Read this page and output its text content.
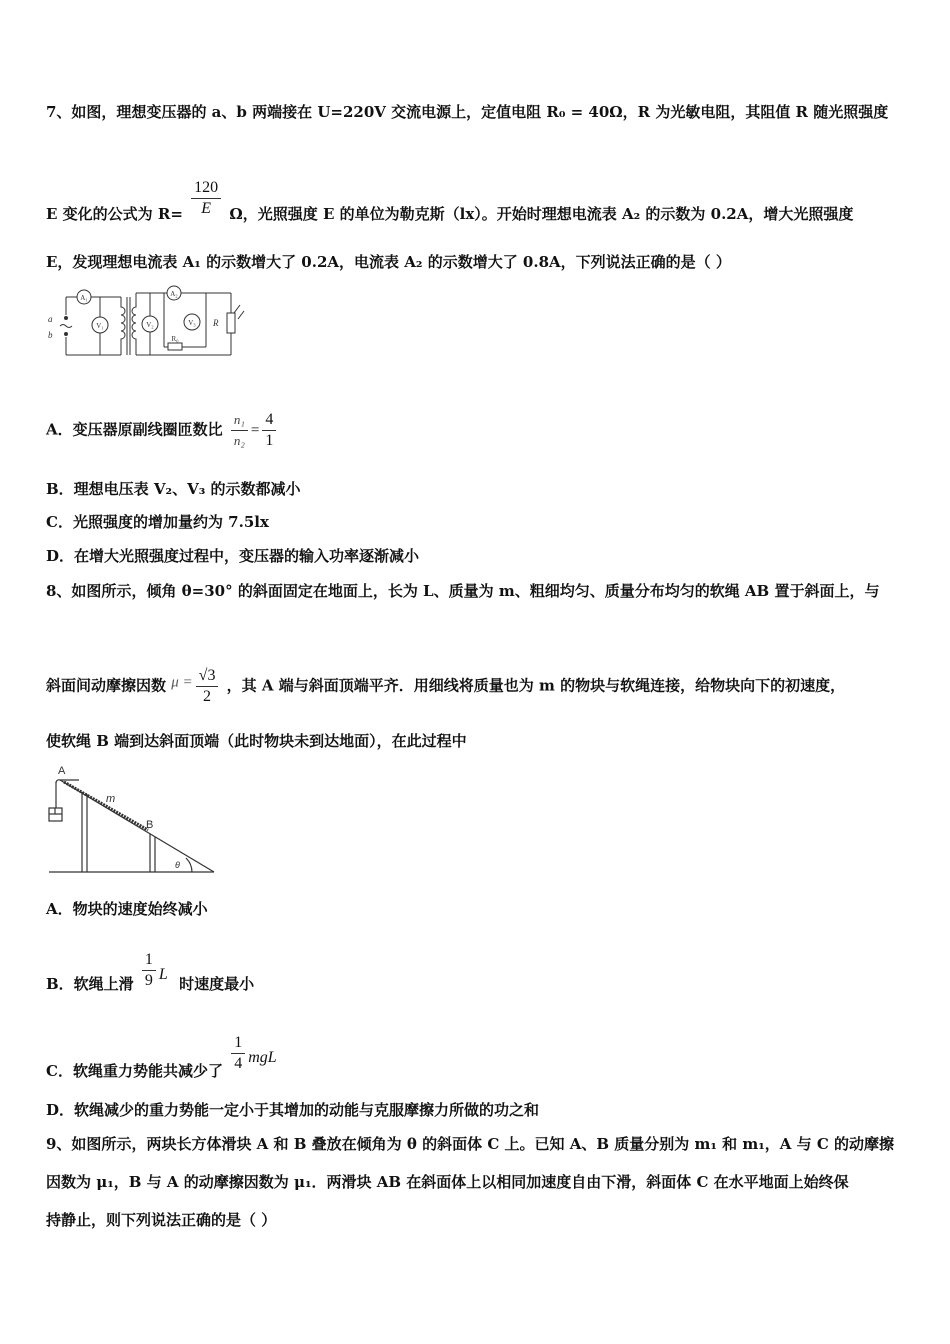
7、如图，理想变压器的 a、b 两端接在 U=220V 交流电源上，定值电阻 R₀ = 40Ω，R 为光敏电阻，其阻值 R 随光照强度
E 变化的公式为 $R= \frac{120}{E}$ Ω，光照强度 E 的单位为勒克斯（lx）。开始时理想电流表 A₂ 的示数为 0.2A，增大光照强度
E，发现理想电流表 A₁ 的示数增大了 0.2A，电流表 A₂ 的示数增大了 0.8A，下列说法正确的是（ ）
a
b
A₁	A₂
V₁	V₂	V₃
R₀
R
A．变压器原副线圈匝数比 $\frac{\text{n₁}}{\text{n₂}} = \frac{4}{1}$
B．理想电压表 V₂、V₃ 的示数都减小
C．光照强度的增加量约为 7.5lx
D．在增大光照强度过程中，变压器的输入功率逐渐减小
8、如图所示，倾角 θ=30° 的斜面固定在地面上，长为 L、质量为 m、粗细均匀、质量分布均匀的软绳 AB 置于斜面上，与
斜面间动摩擦因数 $\mu = \frac{√3}{2}$ ，其 A 端与斜面顶端平齐．用细线将质量也为 m 的物块与软绳连接，给物块向下的初速度，
使软绳 B 端到达斜面顶端（此时物块未到达地面），在此过程中
A
B
m
θ
A．物块的速度始终减小
B．软绳上滑 $\frac{1}{9}$ L 时速度最小
C．软绳重力势能共减少了 $\frac{1}{4}$ mgL
D．软绳减少的重力势能一定小于其增加的动能与克服摩擦力所做的功之和
9、如图所示，两块长方体滑块 A 和 B 叠放在倾角为 θ 的斜面体 C 上。已知 A、B 质量分别为 m₁ 和 m₁，A 与 C 的动摩擦
因数为 μ₁，B 与 A 的动摩擦因数为 μ₁．两滑块 AB 在斜面体上以相同加速度自由下滑，斜面体 C 在水平地面上始终保
持静止，则下列说法正确的是（ ）
